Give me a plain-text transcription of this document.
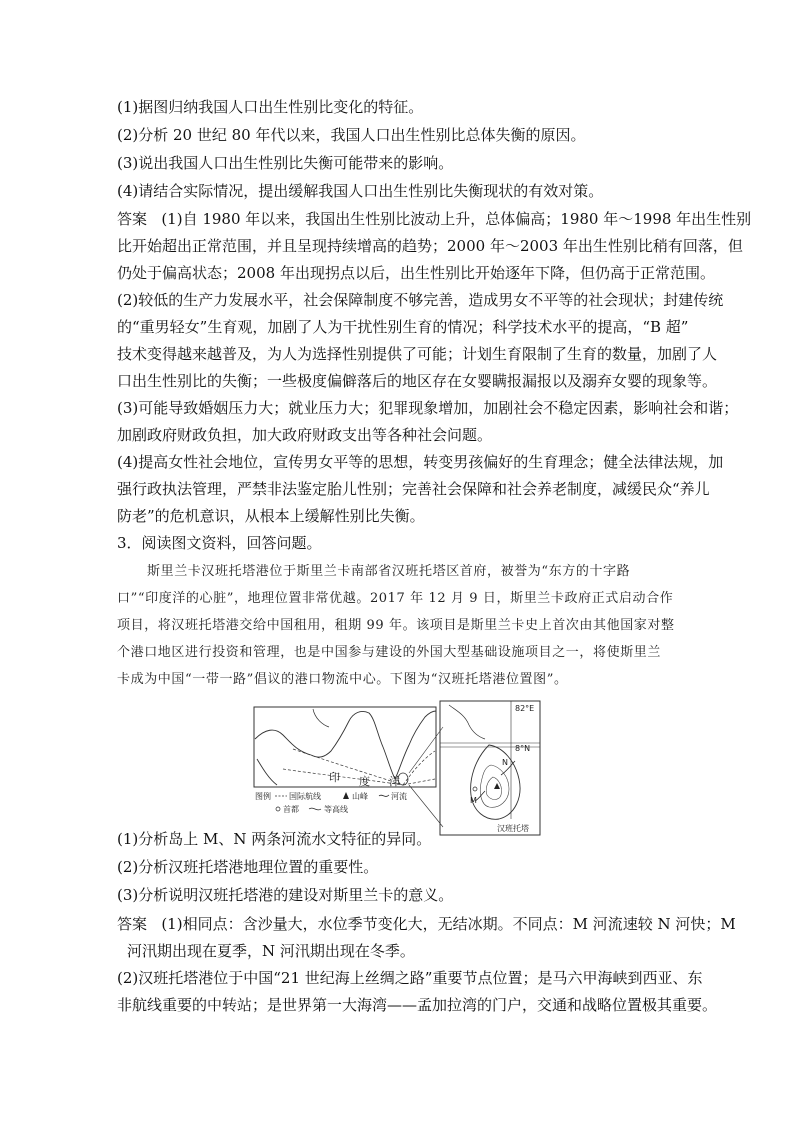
(1)据图归纳我国人口出生性别比变化的特征。
(2)分析 20 世纪 80 年代以来，我国人口出生性别比总体失衡的原因。
(3)说出我国人口出生性别比失衡可能带来的影响。
(4)请结合实际情况，提出缓解我国人口出生性别比失衡现状的有效对策。
答案 (1)自 1980 年以来，我国出生性别比波动上升，总体偏高；1980 年～1998 年出生性别
比开始超出正常范围，并且呈现持续增高的趋势；2000 年～2003 年出生性别比稍有回落，但
仍处于偏高状态；2008 年出现拐点以后，出生性别比开始逐年下降，但仍高于正常范围。
(2)较低的生产力发展水平，社会保障制度不够完善，造成男女不平等的社会现状；封建传统
的“重男轻女”生育观，加剧了人为干扰性别生育的情况；科学技术水平的提高，“B 超”
技术变得越来越普及，为人为选择性别提供了可能；计划生育限制了生育的数量，加剧了人
口出生性别比的失衡；一些极度偏僻落后的地区存在女婴瞒报漏报以及溺弃女婴的现象等。
(3)可能导致婚姻压力大；就业压力大；犯罪现象增加，加剧社会不稳定因素，影响社会和谐；
加剧政府财政负担，加大政府财政支出等各种社会问题。
(4)提高女性社会地位，宣传男女平等的思想，转变男孩偏好的生育理念；健全法律法规，加
强行政执法管理，严禁非法鉴定胎儿性别；完善社会保障和社会养老制度，减缓民众“养儿
防老”的危机意识，从根本上缓解性别比失衡。
3．阅读图文资料，回答问题。
斯里兰卡汉班托塔港位于斯里兰卡南部省汉班托塔区首府，被誉为“东方的十字路
口”“印度洋的心脏”，地理位置非常优越。2017 年 12 月 9 日，斯里兰卡政府正式启动合作
项目，将汉班托塔港交给中国租用，租期 99 年。该项目是斯里兰卡史上首次由其他国家对整
个港口地区进行投资和管理，也是中国参与建设的外国大型基础设施项目之一，将使斯里兰
卡成为中国“一带一路”倡议的港口物流中心。下图为“汉班托塔港位置图”。
印 度 洋
82°E
8°N
M
N
汉班托塔
图例 国际航线	山峰	河流
首都	等高线
(1)分析岛上 M、N 两条河流水文特征的异同。
(2)分析汉班托塔港地理位置的重要性。
(3)分析说明汉班托塔港的建设对斯里兰卡的意义。
答案 (1)相同点：含沙量大，水位季节变化大，无结冰期。不同点：M 河流速较 N 河快；M
河汛期出现在夏季，N 河汛期出现在冬季。
(2)汉班托塔港位于中国“21 世纪海上丝绸之路”重要节点位置；是马六甲海峡到西亚、东
非航线重要的中转站；是世界第一大海湾——孟加拉湾的门户，交通和战略位置极其重要。
